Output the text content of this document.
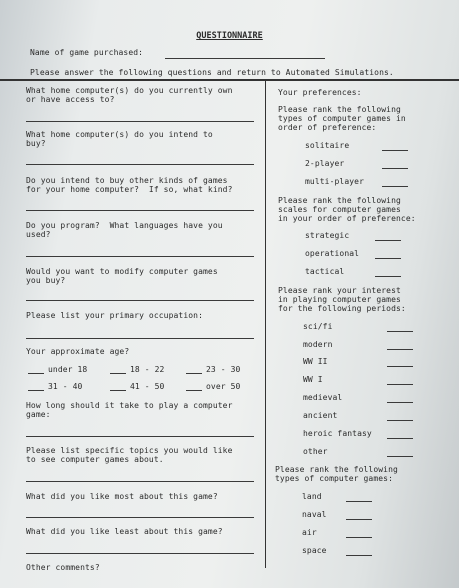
QUESTIONNAIRE
Name of game purchased:
Please answer the following questions and return to Automated Simulations.
What home computer(s) do you currently own
or have access to?
What home computer(s) do you intend to
buy?
Do you intend to buy other kinds of games
for your home computer?  If so, what kind?
Do you program?  What languages have you
used?
Would you want to modify computer games
you buy?
Please list your primary occupation:
Your approximate age?
under 18	18 - 22	23 - 30
31 - 40	41 - 50	over 50
How long should it take to play a computer
game:
Please list specific topics you would like
to see computer games about.
What did you like most about this game?
What did you like least about this game?
Other comments?
Your preferences:
Please rank the following
types of computer games in
order of preference:
solitaire
2-player
multi-player
Please rank the following
scales for computer games
in your order of preference:
strategic
operational
tactical
Please rank your interest
in playing computer games
for the following periods:
sci/fi
modern
WW II
WW I
medieval
ancient
heroic fantasy
other
Please rank the following
types of computer games:
land
naval
air
space
